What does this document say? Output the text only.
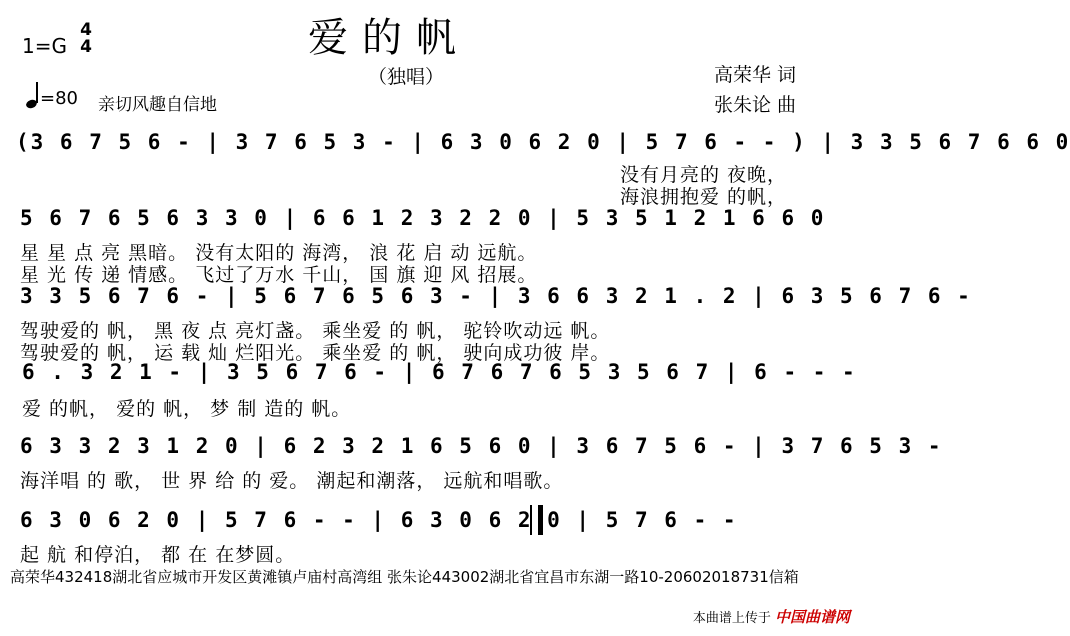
爱的帆
（独唱）
1=G
4
4
=80 亲切风趣自信地
高荣华 词
张朱论 曲
(3 6 7 5 6 - | 3 7 6 5 3 - | 6 3 0 6 2 0 | 5 7 6 - - ) | 3 3 5 6 7 6 6 0
没有月亮的 夜晚，
海浪拥抱爱 的帆，
5 6 7 6 5 6 3 3 0 | 6 6 1 2 3 2 2 0 | 5 3 5 1 2 1 6 6 0
星 星 点 亮 黑暗。 没有太阳的 海湾， 浪 花 启 动 远航。
星 光 传 递 情感。 飞过了万水 千山， 国 旗 迎 风 招展。
3 3 5 6 7 6 - | 5 6 7 6 5 6 3 - | 3 6 6 3 2 1 . 2 | 6 3 5 6 7 6 -
驾驶爱的 帆， 黑 夜 点 亮灯盏。 乘坐爱 的 帆， 驼铃吹动远 帆。
驾驶爱的 帆， 运 载 灿 烂阳光。 乘坐爱 的 帆， 驶向成功彼 岸。
6 . 3 2 1 - | 3 5 6 7 6 - | 6 7 6 7 6 5 3 5 6 7 | 6 - - -
爱 的帆， 爱的 帆， 梦 制 造的 帆。
6 3 3 2 3 1 2 0 | 6 2 3 2 1 6 5 6 0 | 3 6 7 5 6 - | 3 7 6 5 3 -
海洋唱 的 歌， 世 界 给 的 爱。 潮起和潮落， 远航和唱歌。
6 3 0 6 2 0 | 5 7 6 - - | 6 3 0 6 2 0 | 5 7 6 - -
起 航 和停泊， 都 在 在梦圆。
高荣华432418湖北省应城市开发区黄滩镇卢庙村高湾组 张朱论443002湖北省宜昌市东湖一路10-20602018731信箱
本曲谱上传于 中国曲谱网
